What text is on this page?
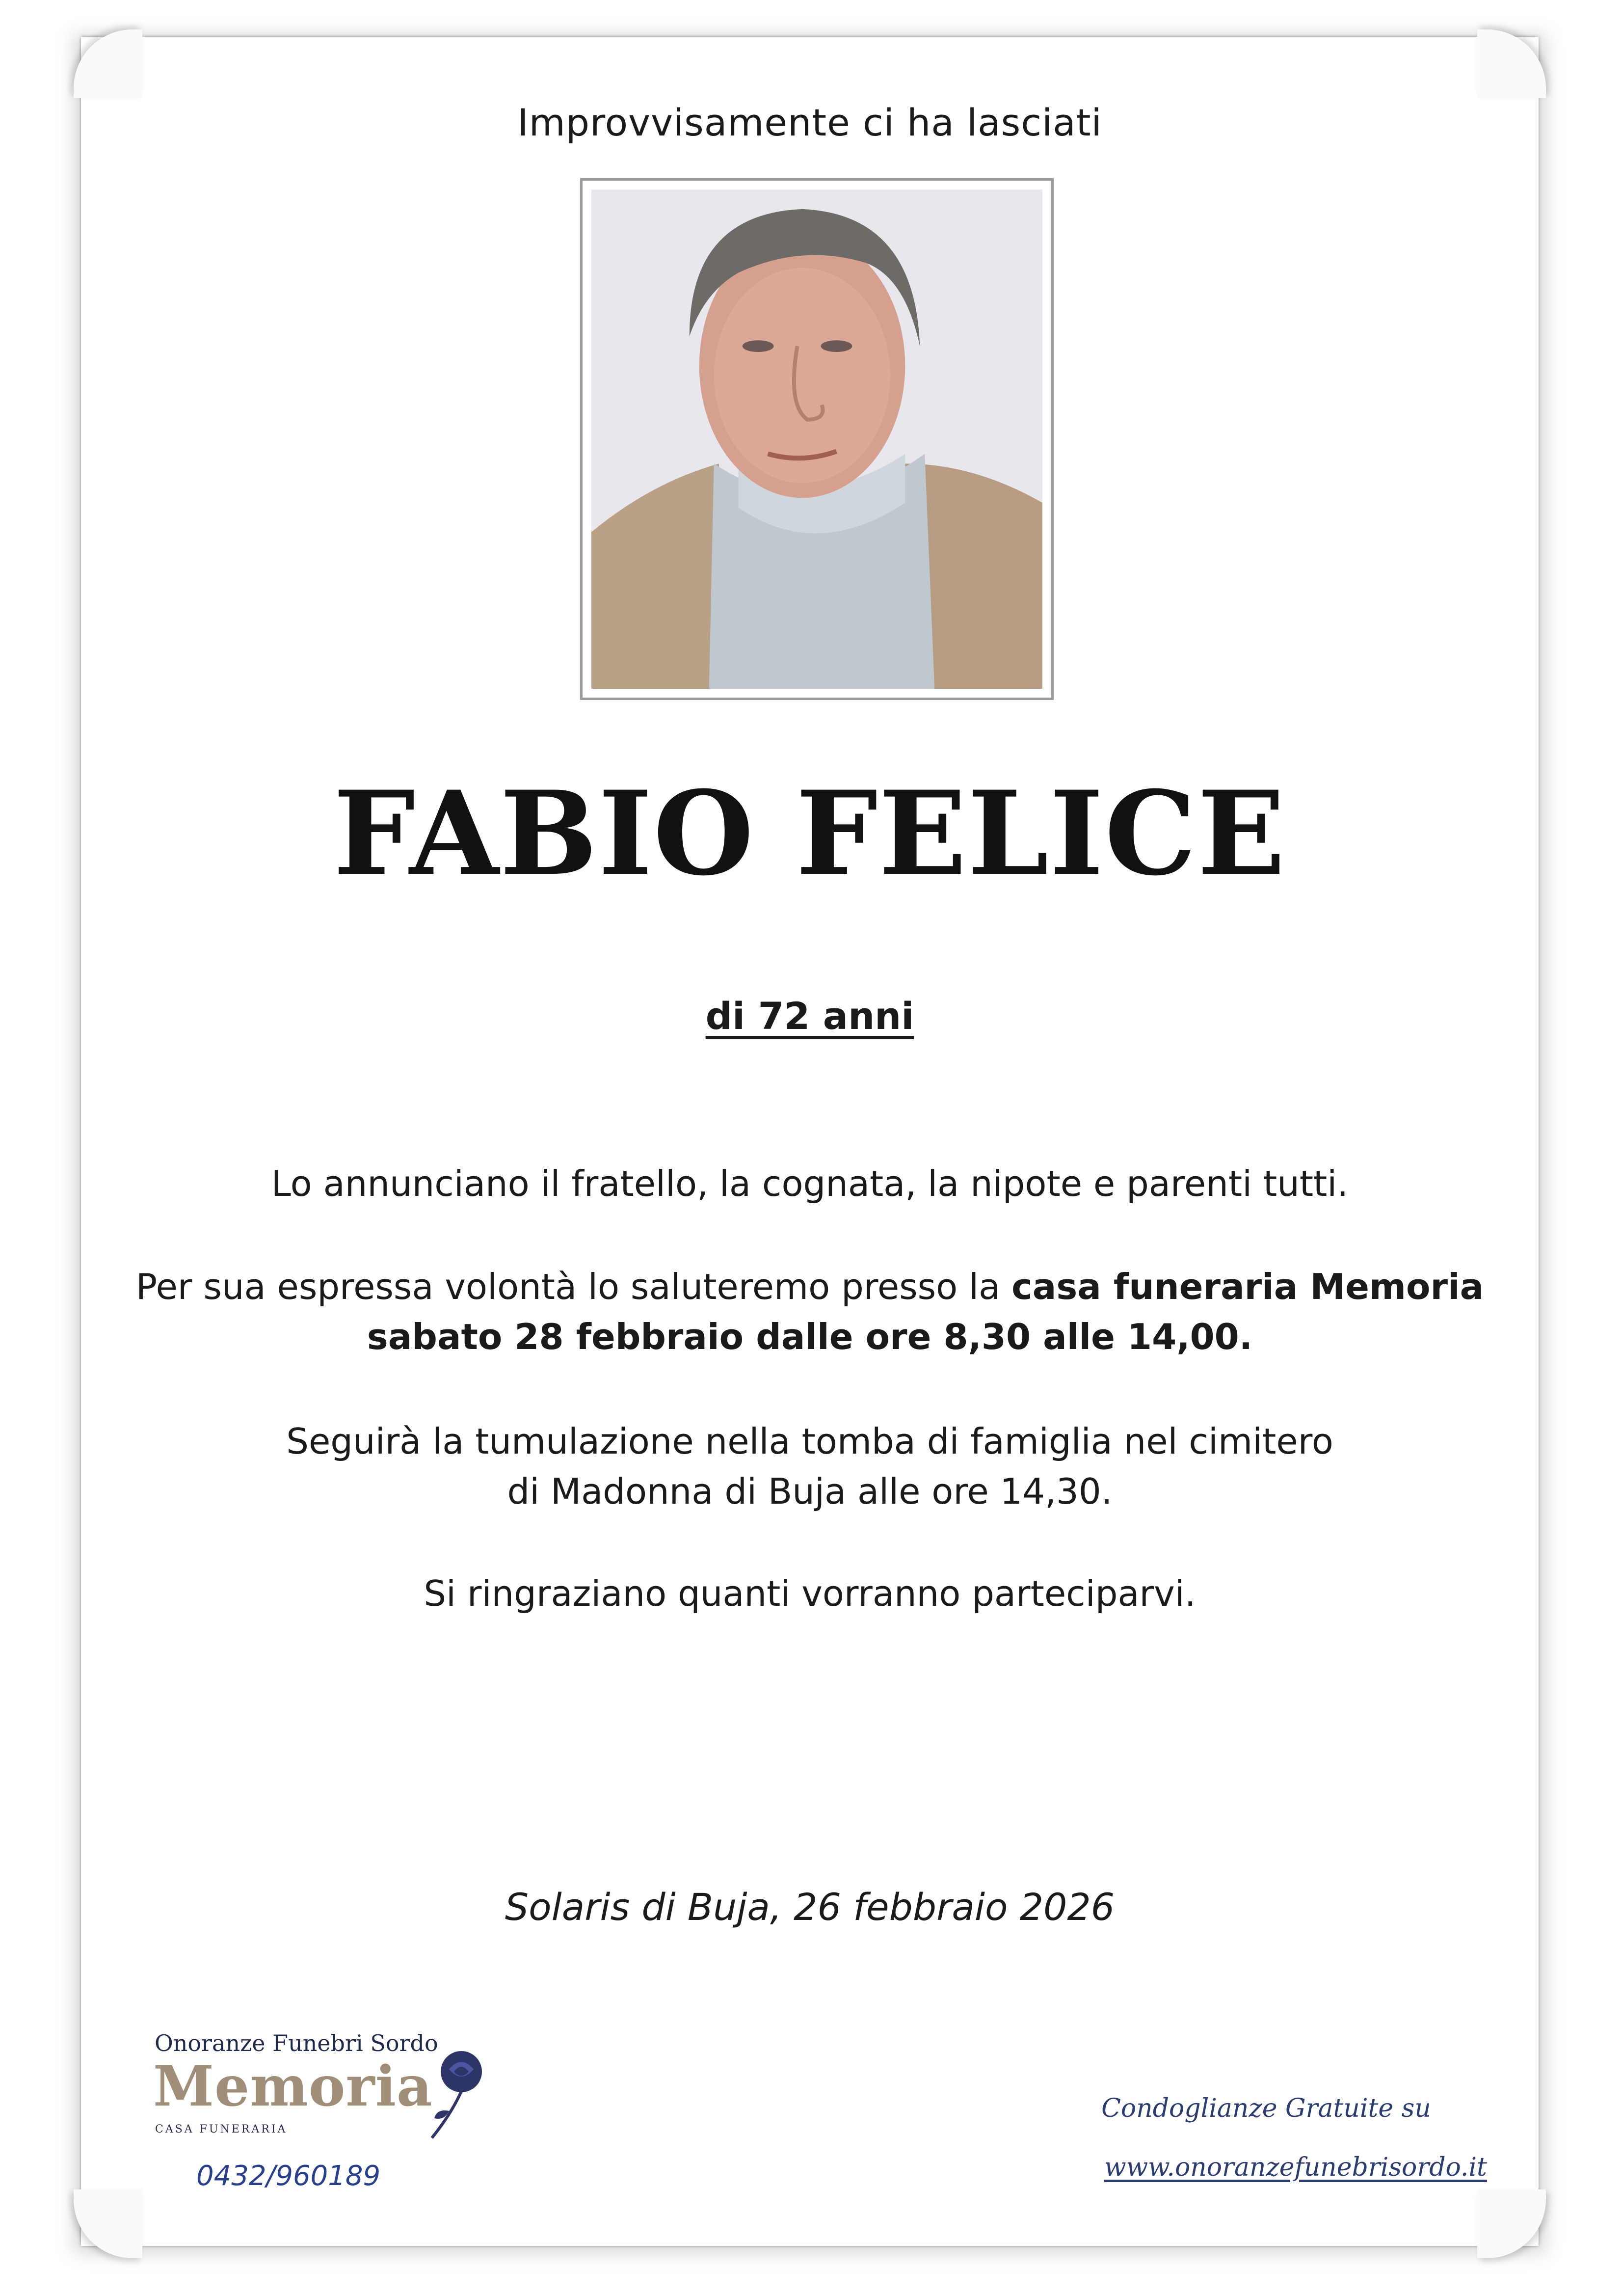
Improvvisamente ci ha lasciati
FABIO FELICE
di 72 anni
Lo annunciano il fratello, la cognata, la nipote e parenti tutti.
Per sua espressa volontà lo saluteremo presso la casa funeraria Memoria
sabato 28 febbraio dalle ore 8,30 alle 14,00.
Seguirà la tumulazione nella tomba di famiglia nel cimitero
di Madonna di Buja alle ore 14,30.
Si ringraziano quanti vorranno parteciparvi.
Solaris di Buja, 26 febbraio 2026
Onoranze Funebri Sordo
Memoria
CASA FUNERARIA
0432/960189
Condoglianze Gratuite su
www.onoranzefunebrisordo.it
